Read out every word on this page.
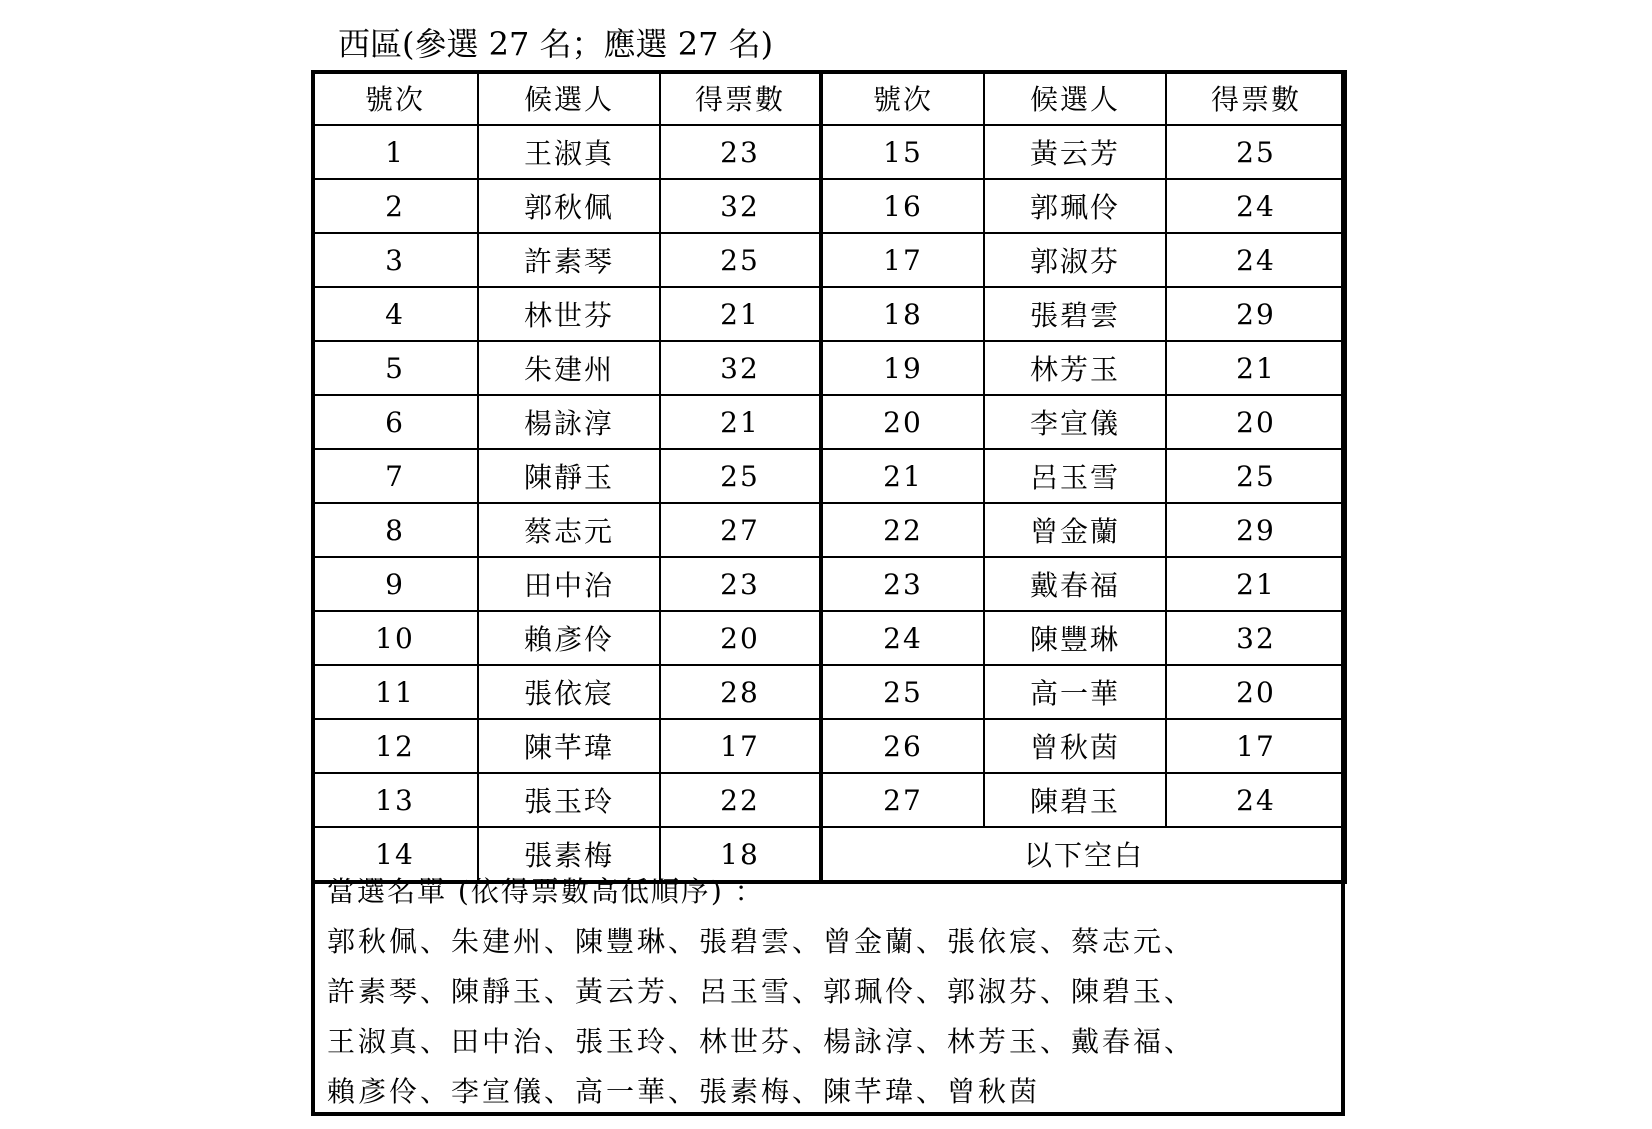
西區(參選 27 名；應選 27 名)
號次	候選人	得票數	號次	候選人	得票數
1	王淑真	23	15	黃云芳	25
2	郭秋佩	32	16	郭珮伶	24
3	許素琴	25	17	郭淑芬	24
4	林世芬	21	18	張碧雲	29
5	朱建州	32	19	林芳玉	21
6	楊詠淳	21	20	李宣儀	20
7	陳靜玉	25	21	呂玉雪	25
8	蔡志元	27	22	曾金蘭	29
9	田中治	23	23	戴春福	21
10	賴彥伶	20	24	陳豐琳	32
11	張依宸	28	25	高一華	20
12	陳芊瑋	17	26	曾秋茵	17
13	張玉玲	22	27	陳碧玉	24
14	張素梅	18	以下空白		
當選名單 (依得票數高低順序) ：
郭秋佩、朱建州、陳豐琳、張碧雲、曾金蘭、張依宸、蔡志元、
許素琴、陳靜玉、黃云芳、呂玉雪、郭珮伶、郭淑芬、陳碧玉、
王淑真、田中治、張玉玲、林世芬、楊詠淳、林芳玉、戴春福、
賴彥伶、李宣儀、高一華、張素梅、陳芊瑋、曾秋茵
